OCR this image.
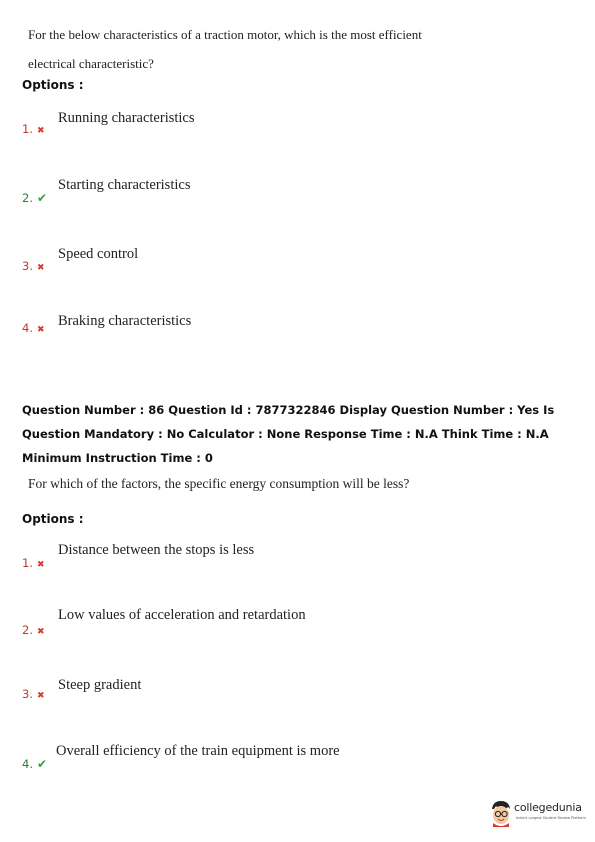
For the below characteristics of a traction motor, which is the most efficient electrical characteristic?
Options :
1. ✖
Running characteristics
2. ✔
Starting characteristics
3. ✖
Speed control
4. ✖
Braking characteristics
Question Number : 86 Question Id : 7877322846 Display Question Number : Yes Is Question Mandatory : No Calculator : None Response Time : N.A Think Time : N.A Minimum Instruction Time : 0
For which of the factors, the specific energy consumption will be less?
Options :
1. ✖
Distance between the stops is less
2. ✖
Low values of acceleration and retardation
3. ✖
Steep gradient
4. ✔
Overall efficiency of the train equipment is more
collegedunia
India's Largest Student Review Platform
